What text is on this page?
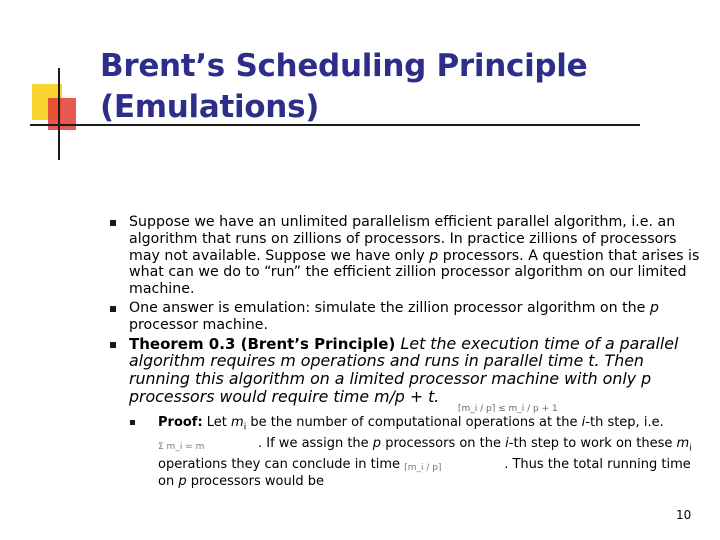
Brent’s Scheduling Principle
(Emulations)
Suppose we have an unlimited parallelism efficient parallel algorithm, i.e. an algorithm that runs on zillions of processors. In practice zillions of processors may not available. Suppose we have only p processors. A question that arises is what can we do to “run” the efficient zillion processor algorithm on our limited machine.
One answer is emulation: simulate the zillion processor algorithm on the p processor machine.
Theorem 0.3 (Brent’s Principle) Let the execution time of a parallel algorithm requires m operations and runs in parallel time t. Then running this algorithm on a limited processor machine with only p processors would require time m/p + t.
Proof: Let $m_i$ be the number of computational operations at the i-th step, i.e. Σ m_i = m	. If we assign the p processors on the i-th step to work on these $m_i$ operations they can conclude in time ⌈m_i / p⌉	. Thus the total running time on p processors would be
⌈m_i / p⌉ ≤ m_i / p + 1
10
